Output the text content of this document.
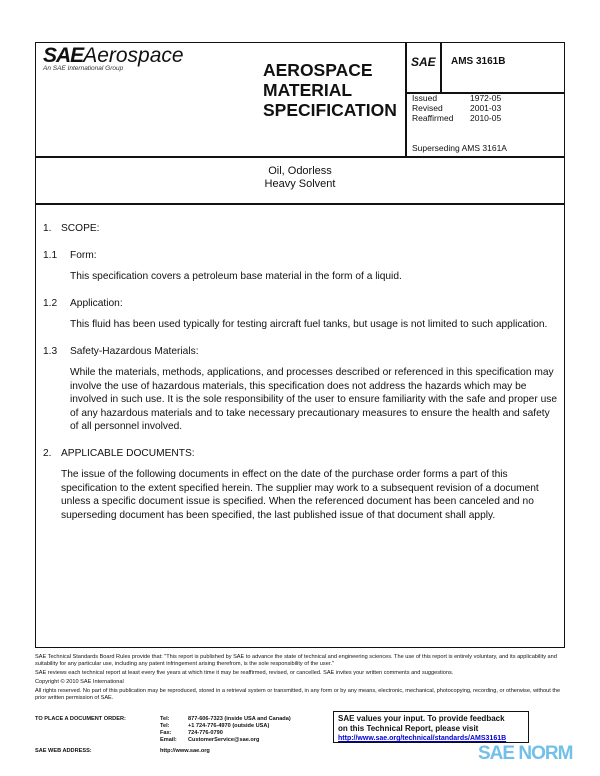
SAEAerospace
An SAE International Group	AEROSPACE
MATERIAL
SPECIFICATION
SAE AMS 3161B
Issued	1972-05
Revised	2001-03
Reaffirmed 2010-05
Superseding AMS 3161A
Oil, Odorless
Heavy Solvent
1. SCOPE:
1.1 Form:
This specification covers a petroleum base material in the form of a liquid.
1.2 Application:
This fluid has been used typically for testing aircraft fuel tanks, but usage is not limited to such application.
1.3 Safety-Hazardous Materials:
While the materials, methods, applications, and processes described or referenced in this specification may involve the use of hazardous materials, this specification does not address the hazards which may be involved in such use. It is the sole responsibility of the user to ensure familiarity with the safe and proper use of any hazardous materials and to take necessary precautionary measures to ensure the health and safety of all personnel involved.
2. APPLICABLE DOCUMENTS:
The issue of the following documents in effect on the date of the purchase order forms a part of this specification to the extent specified herein. The supplier may work to a subsequent revision of a document unless a specific document issue is specified. When the referenced document has been canceled and no superseding document has been specified, the last published issue of that document shall apply.
SAE Technical Standards Board Rules provide that: "This report is published by SAE to advance the state of technical and engineering sciences. The use of this report is entirely voluntary, and its applicability and suitability for any particular use, including any patent infringement arising therefrom, is the sole responsibility of the user."
SAE reviews each technical report at least every five years at which time it may be reaffirmed, revised, or cancelled. SAE invites your written comments and suggestions.
Copyright © 2010 SAE International
All rights reserved. No part of this publication may be reproduced, stored in a retrieval system or transmitted, in any form or by any means, electronic, mechanical, photocopying, recording, or otherwise, without the prior written permission of SAE.
TO PLACE A DOCUMENT ORDER:	Tel:	877-606-7323 (inside USA and Canada)
Tel:	+1 724-776-4970 (outside USA)
Fax:	724-776-0790
Email: CustomerService@sae.org
SAE WEB ADDRESS:	http://www.sae.org
SAE values your input. To provide feedback
on this Technical Report, please visit
http://www.sae.org/technical/standards/AMS3161B
SAE NORM
